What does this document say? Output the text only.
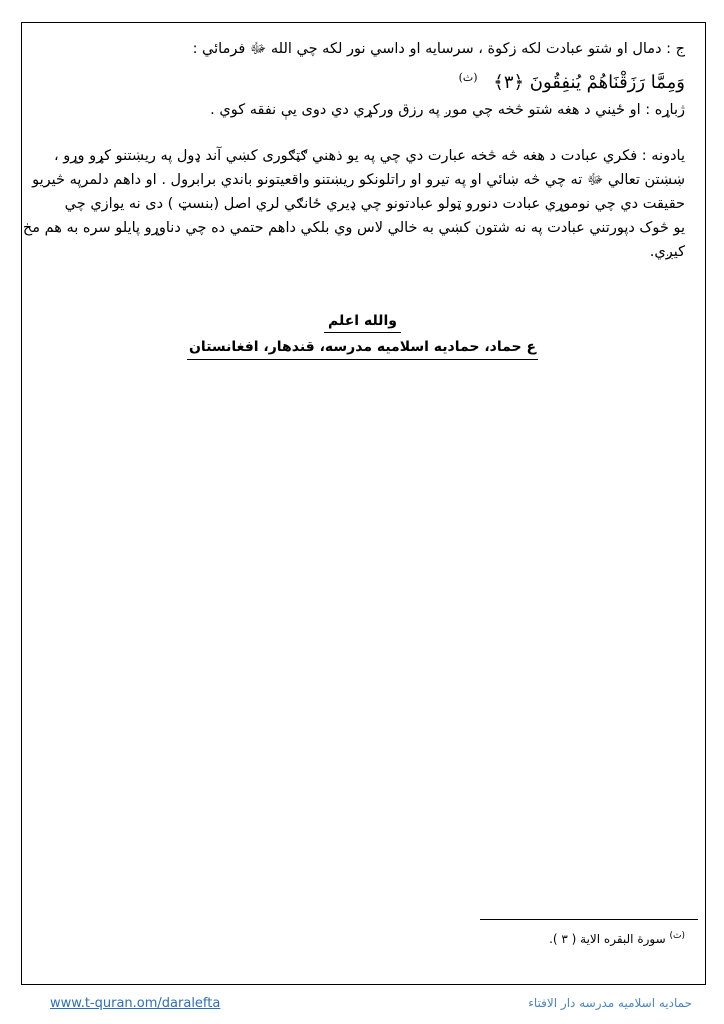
ج : دمال او شتو عبادت لکه زکوة ، سرسایه او داسي نور لکه چي الله ﷻ فرمائي :
وَمِمَّا رَزَقْنَاهُمْ يُنفِقُونَ ﴿٣﴾ $^{(ث)}$
ژباړه : او ځيني د هغه شتو څخه چي موږ په رزق ورکړي دي دوی يې نفقه کوي .
يادونه : فکري عبادت د هغه څه څخه عبارت دي چي په يو ذهني ګټګوری کښي آند ډول په ريښتنو کړو وړو ،
ښښتن تعالي ﷻ ته چي څه ښائي او په تيرو او راتلونکو ريښتنو واقعيتونو باندي برابرول . او داهم دلمرپه څيريو
حقيقت دي چي نوموړي عبادت دنورو ټولو عبادتونو چي ډيري ځانګي لري اصل (بنسټ ) دی نه يوازي چي
يو څوک دپورتني عبادت په نه شتون کښي به خالي لاس وي بلکي داهم حتمي ده چي دناوړو پايلو سره به هم مخ
کيږي.
والله اعلم
ع حماد، حماديه اسلاميه مدرسه، قندهار، افغانستان
$^{(ث)}$ سورة البقره الاية ( ٣ ).
www.t-quran.om/daralefta	حماديه اسلاميه مدرسه دار الافتاء
